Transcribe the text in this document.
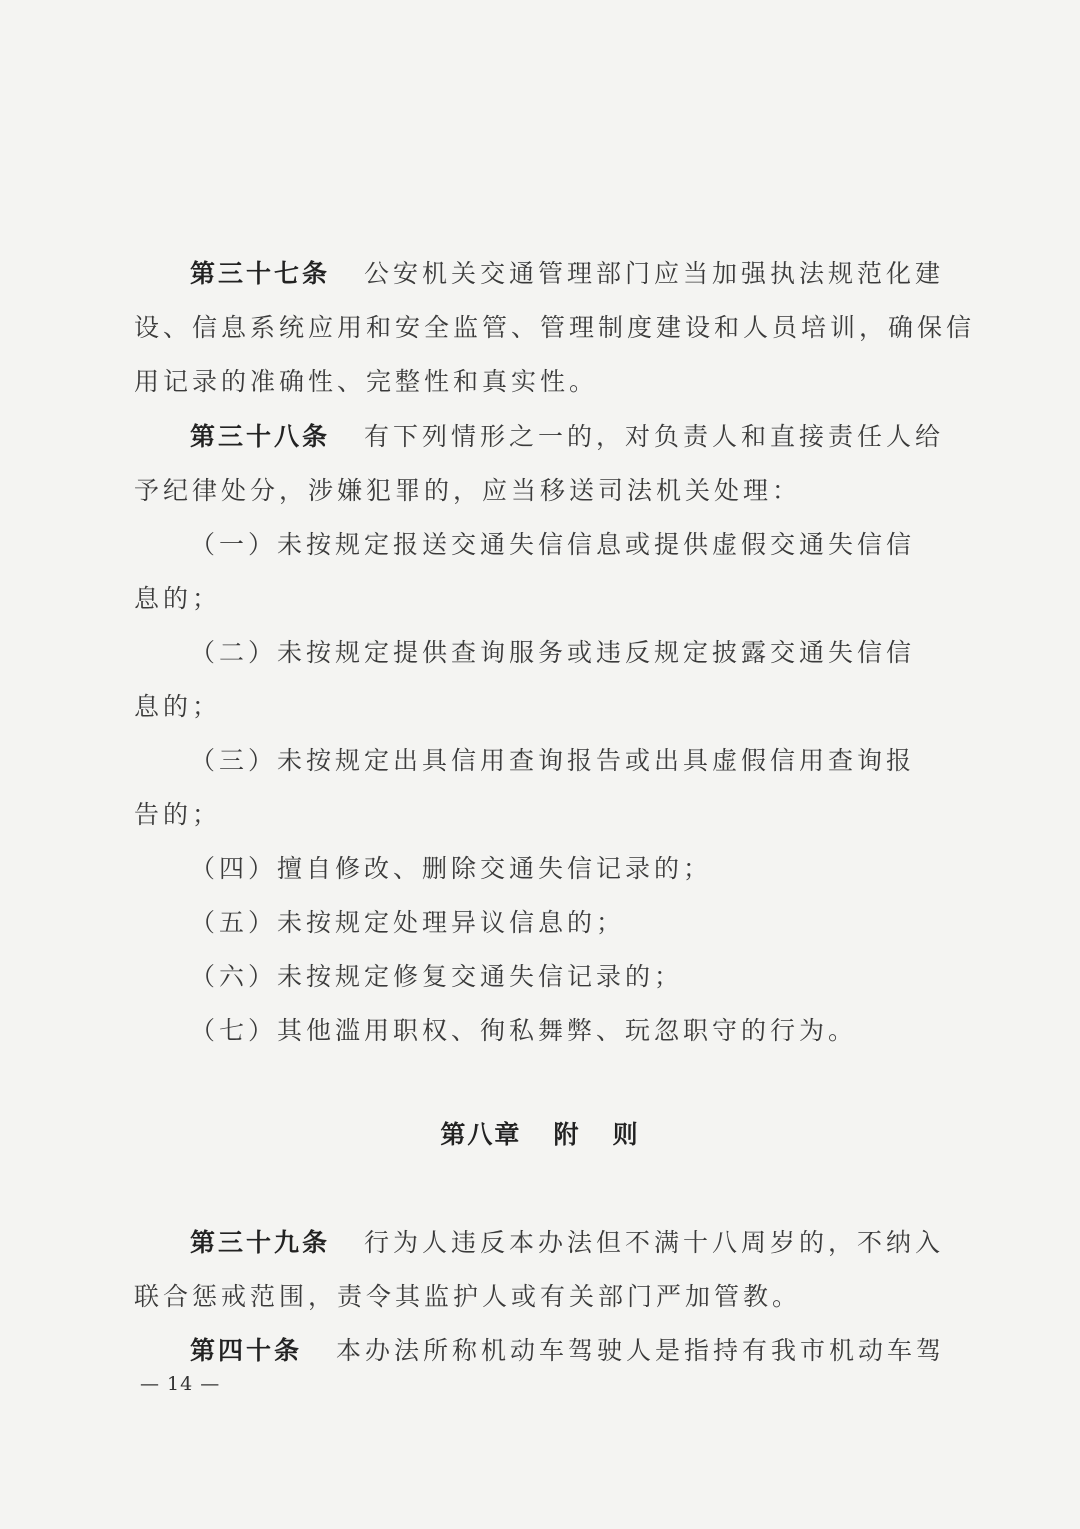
第三十七条 公安机关交通管理部门应当加强执法规范化建
设、信息系统应用和安全监管、管理制度建设和人员培训，确保信
用记录的准确性、完整性和真实性。
第三十八条 有下列情形之一的，对负责人和直接责任人给
予纪律处分，涉嫌犯罪的，应当移送司法机关处理：
（一）未按规定报送交通失信信息或提供虚假交通失信信
息的；
（二）未按规定提供查询服务或违反规定披露交通失信信
息的；
（三）未按规定出具信用查询报告或出具虚假信用查询报
告的；
（四）擅自修改、删除交通失信记录的；
（五）未按规定处理异议信息的；
（六）未按规定修复交通失信记录的；
（七）其他滥用职权、徇私舞弊、玩忽职守的行为。
第八章   附   则
第三十九条 行为人违反本办法但不满十八周岁的，不纳入
联合惩戒范围，责令其监护人或有关部门严加管教。
第四十条 本办法所称机动车驾驶人是指持有我市机动车驾
— 14 —
